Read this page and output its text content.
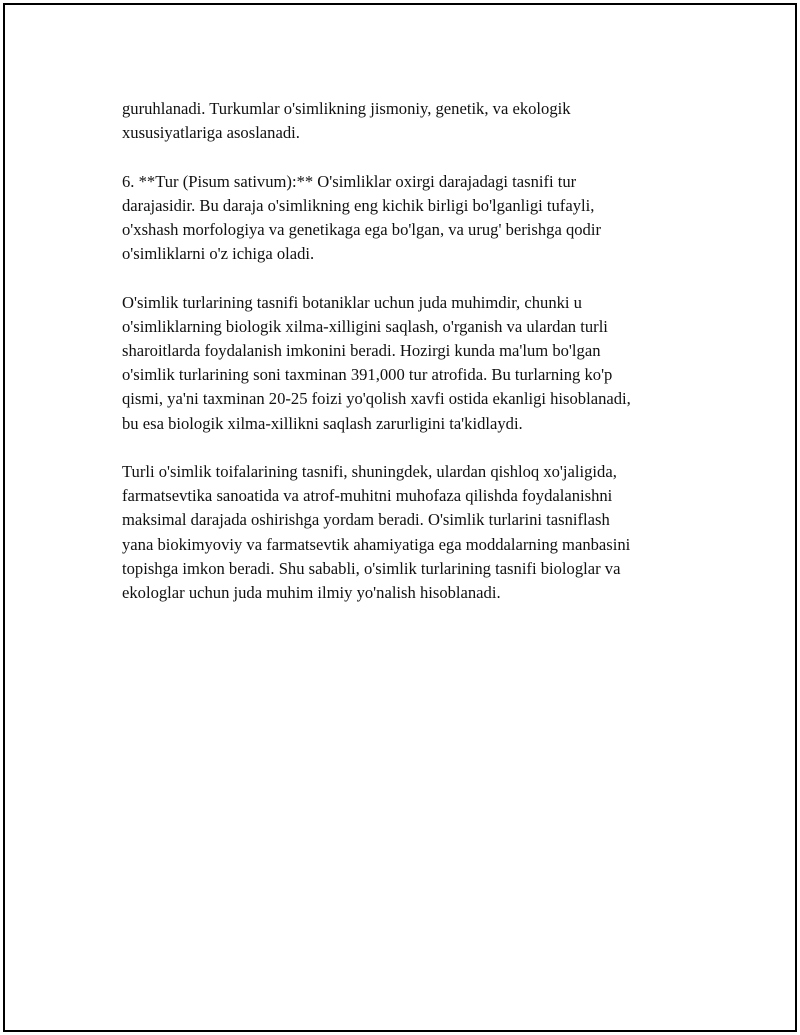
guruhlanadi. Turkumlar o'simlikning jismoniy, genetik, va ekologik
xususiyatlariga asoslanadi.

6. **Tur (Pisum sativum):** O'simliklar oxirgi darajadagi tasnifi tur
darajasidir. Bu daraja o'simlikning eng kichik birligi bo'lganligi tufayli,
o'xshash morfologiya va genetikaga ega bo'lgan, va urug' berishga qodir
o'simliklarni o'z ichiga oladi.

O'simlik turlarining tasnifi botaniklar uchun juda muhimdir, chunki u
o'simliklarning biologik xilma-xilligini saqlash, o'rganish va ulardan turli
sharoitlarda foydalanish imkonini beradi. Hozirgi kunda ma'lum bo'lgan
o'simlik turlarining soni taxminan 391,000 tur atrofida. Bu turlarning ko'p
qismi, ya'ni taxminan 20-25 foizi yo'qolish xavfi ostida ekanligi hisoblanadi,
bu esa biologik xilma-xillikni saqlash zarurligini ta'kidlaydi.

Turli o'simlik toifalarining tasnifi, shuningdek, ulardan qishloq xo'jaligida,
farmatsevtika sanoatida va atrof-muhitni muhofaza qilishda foydalanishni
maksimal darajada oshirishga yordam beradi. O'simlik turlarini tasniflash
yana biokimyoviy va farmatsevtik ahamiyatiga ega moddalarning manbasini
topishga imkon beradi. Shu sababli, o'simlik turlarining tasnifi biologlar va
ekologlar uchun juda muhim ilmiy yo'nalish hisoblanadi.
